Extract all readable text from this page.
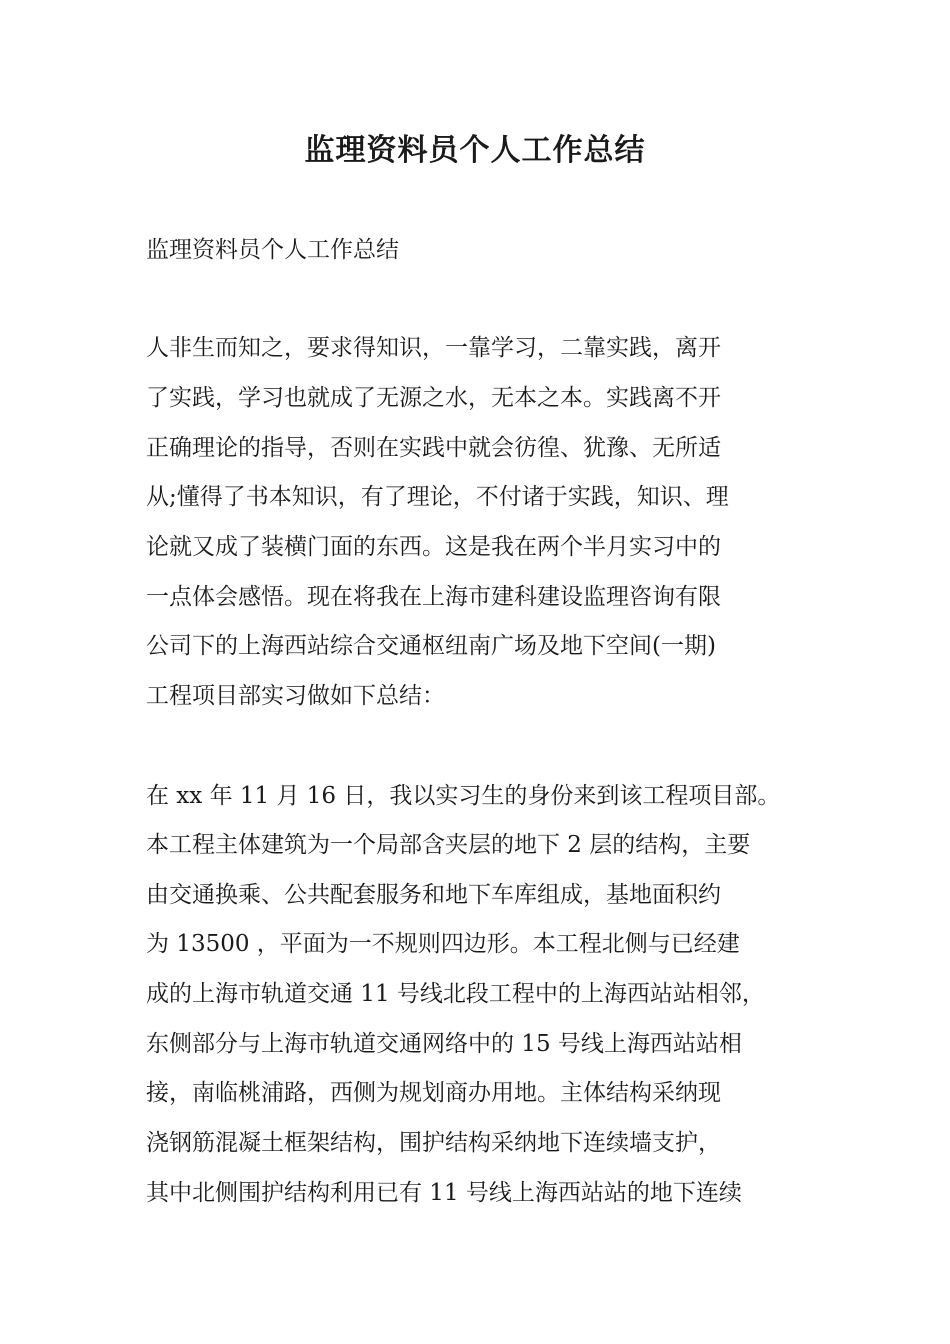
监理资料员个人工作总结

监理资料员个人工作总结

人非生而知之，要求得知识，一靠学习，二靠实践，离开

了实践，学习也就成了无源之水，无本之本。实践离不开

正确理论的指导，否则在实践中就会彷徨、犹豫、无所适

从;懂得了书本知识，有了理论，不付诸于实践，知识、理

论就又成了装横门面的东西。这是我在两个半月实习中的

一点体会感悟。现在将我在上海市建科建设监理咨询有限

公司下的上海西站综合交通枢纽南广场及地下空间(一期)

工程项目部实习做如下总结：

在 xx 年 11 月 16 日，我以实习生的身份来到该工程项目部。

本工程主体建筑为一个局部含夹层的地下 2 层的结构，主要

由交通换乘、公共配套服务和地下车库组成，基地面积约

为 13500 ，平面为一不规则四边形。本工程北侧与已经建

成的上海市轨道交通 11 号线北段工程中的上海西站站相邻，

东侧部分与上海市轨道交通网络中的 15 号线上海西站站相

接，南临桃浦路，西侧为规划商办用地。主体结构采纳现

浇钢筋混凝土框架结构，围护结构采纳地下连续墙支护，

其中北侧围护结构利用已有 11 号线上海西站站的地下连续
